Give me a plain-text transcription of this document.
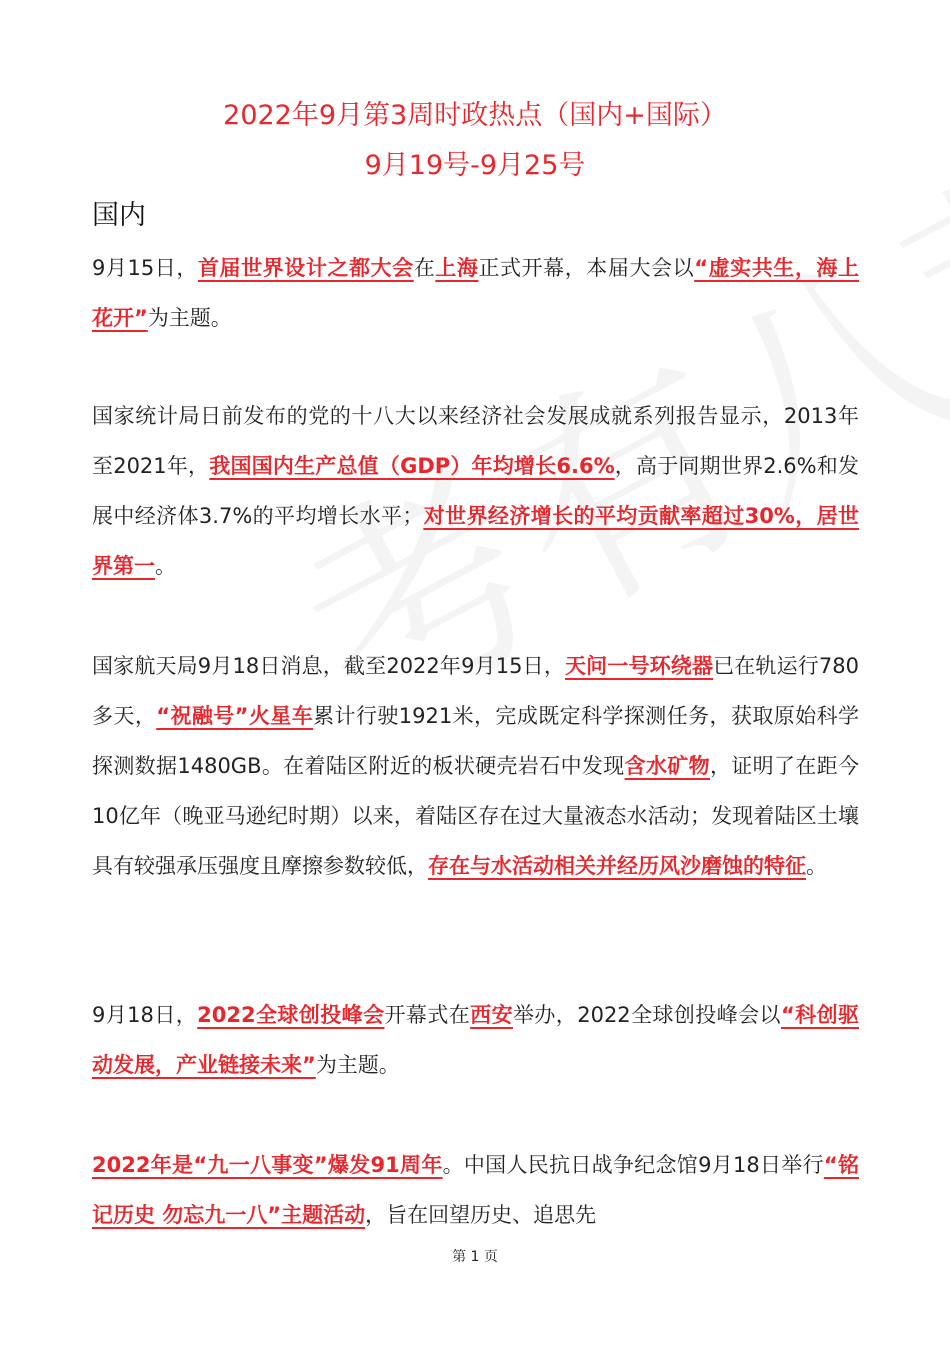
2022年9月第3周时政热点（国内+国际）
9月19号-9月25号
国内

9月15日，首届世界设计之都大会在上海正式开幕，本届大会以“虚实共生，海上花开”为主题。

国家统计局日前发布的党的十八大以来经济社会发展成就系列报告显示，2013年至2021年，我国国内生产总值（GDP）年均增长6.6%，高于同期世界2.6%和发展中经济体3.7%的平均增长水平；对世界经济增长的平均贡献率超过30%，居世界第一。

国家航天局9月18日消息，截至2022年9月15日，天问一号环绕器已在轨运行780多天，“祝融号”火星车累计行驶1921米，完成既定科学探测任务，获取原始科学探测数据1480GB。在着陆区附近的板状硬壳岩石中发现含水矿物，证明了在距今10亿年（晚亚马逊纪时期）以来，着陆区存在过大量液态水活动；发现着陆区土壤具有较强承压强度且摩擦参数较低，存在与水活动相关并经历风沙磨蚀的特征。

9月18日，2022全球创投峰会开幕式在西安举办，2022全球创投峰会以“科创驱动发展，产业链接未来”为主题。

2022年是“九一八事变”爆发91周年。中国人民抗日战争纪念馆9月18日举行“铭记历史 勿忘九一八”主题活动，旨在回望历史、追思先

第 1 页
